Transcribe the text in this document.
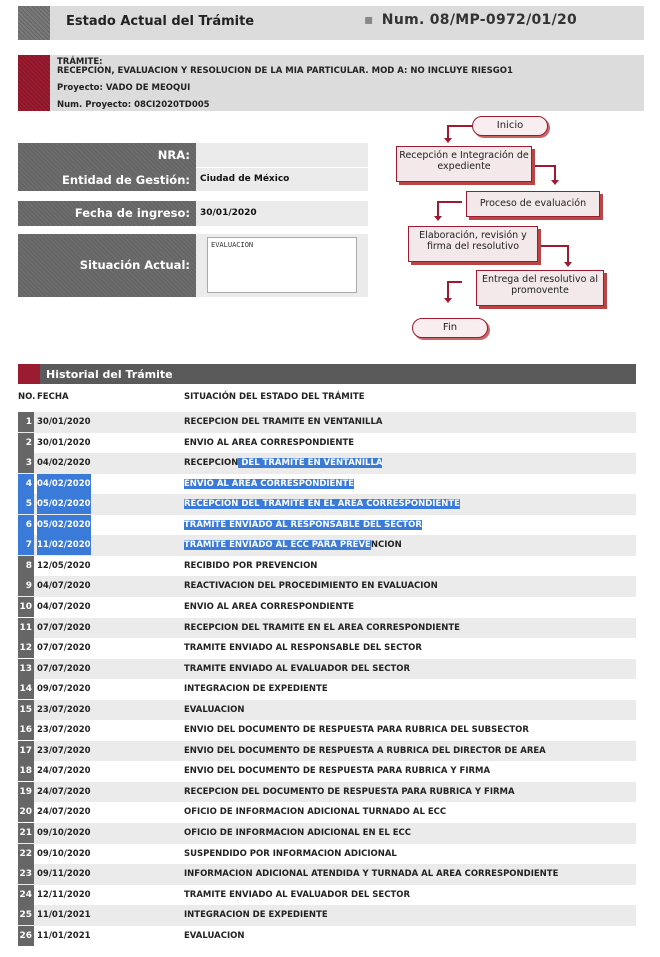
Estado Actual del Trámite	▪ Num. 08/MP-0972/01/20
TRÁMITE:
RECEPCION, EVALUACION Y RESOLUCION DE LA MIA PARTICULAR. MOD A: NO INCLUYE RIESGO1
Proyecto: VADO DE MEOQUI
Num. Proyecto: 08CI2020TD005
NRA:
Entidad de Gestión:	Ciudad de México
Fecha de ingreso:	30/01/2020
Situación Actual:
EVALUACION
Inicio
Recepción e Integración de expediente
Proceso de evaluación
Elaboración, revisión y firma del resolutivo
Entrega del resolutivo al promovente
Fin
Historial del Trámite
NO. FECHA	SITUACIÓN DEL ESTADO DEL TRÁMITE
1 30/01/2020	RECEPCION DEL TRAMITE EN VENTANILLA
2 30/01/2020	ENVIO AL AREA CORRESPONDIENTE
3 04/02/2020	RECEPCION DEL TRAMITE EN VENTANILLA
4 04/02/2020	ENVIO AL AREA CORRESPONDIENTE
5 05/02/2020	RECEPCION DEL TRAMITE EN EL AREA CORRESPONDIENTE
6 05/02/2020	TRAMITE ENVIADO AL RESPONSABLE DEL SECTOR
7 11/02/2020	TRAMITE ENVIADO AL ECC PARA PREVENCION
8 12/05/2020	RECIBIDO POR PREVENCION
9 04/07/2020	REACTIVACION DEL PROCEDIMIENTO EN EVALUACION
10 04/07/2020	ENVIO AL AREA CORRESPONDIENTE
11 07/07/2020	RECEPCION DEL TRAMITE EN EL AREA CORRESPONDIENTE
12 07/07/2020	TRAMITE ENVIADO AL RESPONSABLE DEL SECTOR
13 07/07/2020	TRAMITE ENVIADO AL EVALUADOR DEL SECTOR
14 09/07/2020	INTEGRACION DE EXPEDIENTE
15 23/07/2020	EVALUACION
16 23/07/2020	ENVIO DEL DOCUMENTO DE RESPUESTA PARA RUBRICA DEL SUBSECTOR
17 23/07/2020	ENVIO DEL DOCUMENTO DE RESPUESTA A RUBRICA DEL DIRECTOR DE AREA
18 24/07/2020	ENVIO DEL DOCUMENTO DE RESPUESTA PARA RUBRICA Y FIRMA
19 24/07/2020	RECEPCION DEL DOCUMENTO DE RESPUESTA PARA RUBRICA Y FIRMA
20 24/07/2020	OFICIO DE INFORMACION ADICIONAL TURNADO AL ECC
21 09/10/2020	OFICIO DE INFORMACION ADICIONAL EN EL ECC
22 09/10/2020	SUSPENDIDO POR INFORMACION ADICIONAL
23 09/11/2020	INFORMACION ADICIONAL ATENDIDA Y TURNADA AL AREA CORRESPONDIENTE
24 12/11/2020	TRAMITE ENVIADO AL EVALUADOR DEL SECTOR
25 11/01/2021	INTEGRACION DE EXPEDIENTE
26 11/01/2021	EVALUACION
